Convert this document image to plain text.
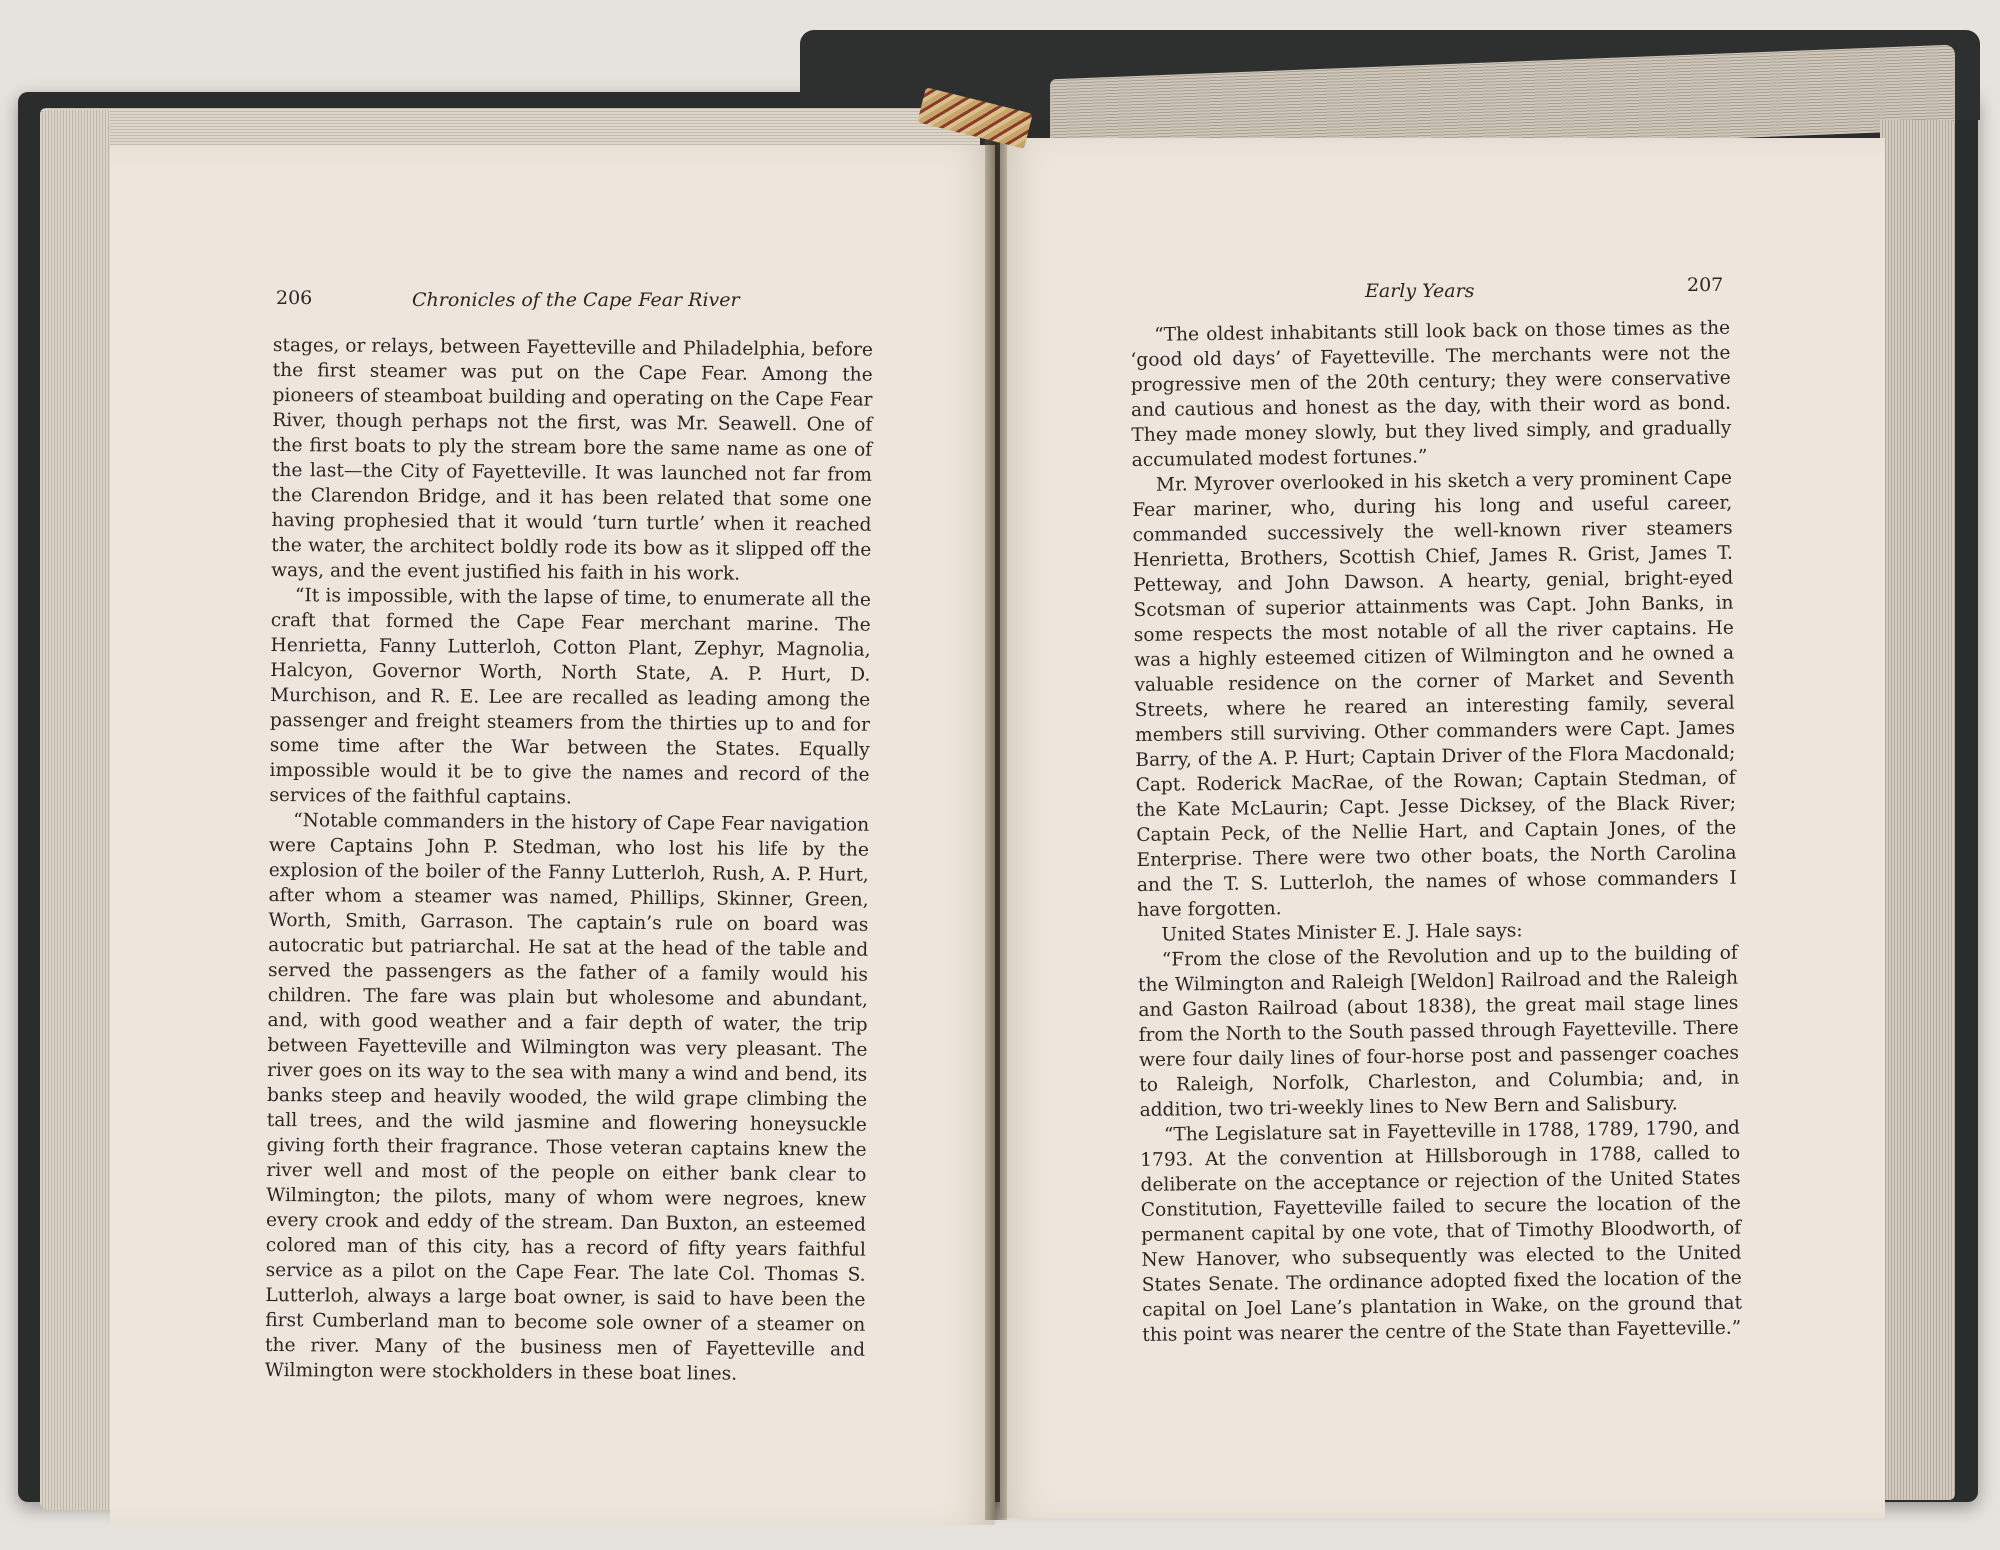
206	Chronicles of the Cape Fear River	Early Years	207

stages, or relays, between Fayetteville and Philadelphia, before the first steamer was put on the Cape Fear. Among the pioneers of steamboat building and operating on the Cape Fear River, though perhaps not the first, was Mr. Seawell. One of the first boats to ply the stream bore the same name as one of the last—the City of Fayetteville. It was launched not far from the Clarendon Bridge, and it has been related that some one having prophesied that it would ‘turn turtle’ when it reached the water, the architect boldly rode its bow as it slipped off the ways, and the event justified his faith in his work.

“It is impossible, with the lapse of time, to enumerate all the craft that formed the Cape Fear merchant marine. The Henrietta, Fanny Lutterloh, Cotton Plant, Zephyr, Magnolia, Halcyon, Governor Worth, North State, A. P. Hurt, D. Murchison, and R. E. Lee are recalled as leading among the passenger and freight steamers from the thirties up to and for some time after the War between the States. Equally impossible would it be to give the names and record of the services of the faithful captains.

“Notable commanders in the history of Cape Fear navigation were Captains John P. Stedman, who lost his life by the explosion of the boiler of the Fanny Lutterloh, Rush, A. P. Hurt, after whom a steamer was named, Phillips, Skinner, Green, Worth, Smith, Garrason. The captain’s rule on board was autocratic but patriarchal. He sat at the head of the table and served the passengers as the father of a family would his children. The fare was plain but wholesome and abundant, and, with good weather and a fair depth of water, the trip between Fayetteville and Wilmington was very pleasant. The river goes on its way to the sea with many a wind and bend, its banks steep and heavily wooded, the wild grape climbing the tall trees, and the wild jasmine and flowering honeysuckle giving forth their fragrance. Those veteran captains knew the river well and most of the people on either bank clear to Wilmington; the pilots, many of whom were negroes, knew every crook and eddy of the stream. Dan Buxton, an esteemed colored man of this city, has a record of fifty years faithful service as a pilot on the Cape Fear. The late Col. Thomas S. Lutterloh, always a large boat owner, is said to have been the first Cumberland man to become sole owner of a steamer on the river. Many of the business men of Fayetteville and Wilmington were stockholders in these boat lines.

“The oldest inhabitants still look back on those times as the ‘good old days’ of Fayetteville. The merchants were not the progressive men of the 20th century; they were conservative and cautious and honest as the day, with their word as bond. They made money slowly, but they lived simply, and gradually accumulated modest fortunes.”

Mr. Myrover overlooked in his sketch a very prominent Cape Fear mariner, who, during his long and useful career, commanded successively the well-known river steamers Henrietta, Brothers, Scottish Chief, James R. Grist, James T. Petteway, and John Dawson. A hearty, genial, bright-eyed Scotsman of superior attainments was Capt. John Banks, in some respects the most notable of all the river captains. He was a highly esteemed citizen of Wilmington and he owned a valuable residence on the corner of Market and Seventh Streets, where he reared an interesting family, several members still surviving. Other commanders were Capt. James Barry, of the A. P. Hurt; Captain Driver of the Flora Macdonald; Capt. Roderick MacRae, of the Rowan; Captain Stedman, of the Kate McLaurin; Capt. Jesse Dicksey, of the Black River; Captain Peck, of the Nellie Hart, and Captain Jones, of the Enterprise. There were two other boats, the North Carolina and the T. S. Lutterloh, the names of whose commanders I have forgotten.

United States Minister E. J. Hale says:

“From the close of the Revolution and up to the building of the Wilmington and Raleigh [Weldon] Railroad and the Raleigh and Gaston Railroad (about 1838), the great mail stage lines from the North to the South passed through Fayetteville. There were four daily lines of four-horse post and passenger coaches to Raleigh, Norfolk, Charleston, and Columbia; and, in addition, two tri-weekly lines to New Bern and Salisbury.

“The Legislature sat in Fayetteville in 1788, 1789, 1790, and 1793. At the convention at Hillsborough in 1788, called to deliberate on the acceptance or rejection of the United States Constitution, Fayetteville failed to secure the location of the permanent capital by one vote, that of Timothy Bloodworth, of New Hanover, who subsequently was elected to the United States Senate. The ordinance adopted fixed the location of the capital on Joel Lane’s plantation in Wake, on the ground that this point was nearer the centre of the State than Fayetteville.”
